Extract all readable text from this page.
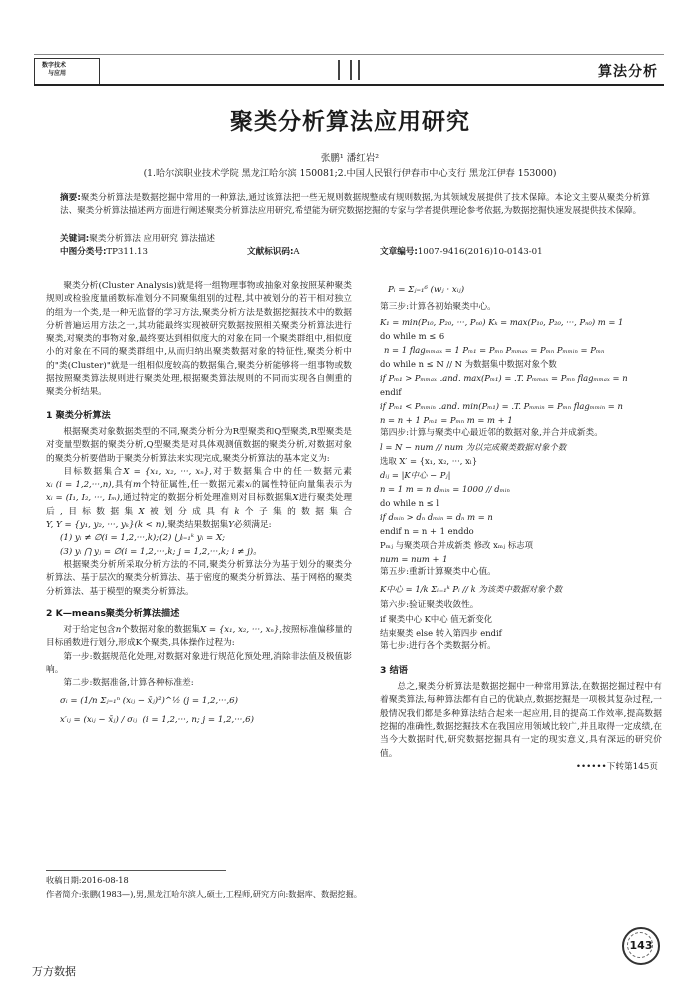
数字技术
与应用	算法分析
聚类分析算法应用研究
张鹏¹ 潘红岩²
(1.哈尔滨职业技术学院 黑龙江哈尔滨 150081;2.中国人民银行伊春市中心支行 黑龙江伊春 153000)
摘要:聚类分析算法是数据挖掘中常用的一种算法,通过该算法把一些无规则数据规整成有规则数据,为其领域发展提供了技术保障。本论文主要从聚类分析算法、聚类分析算法描述两方面进行阐述聚类分析算法应用研究,希望能为研究数据挖掘的专家与学者提供理论参考依据,为数据挖掘快速发展提供技术保障。
关键词:聚类分析算法 应用研究 算法描述
中图分类号:TP311.13	文献标识码:A	文章编号:1007-9416(2016)10-0143-01

聚类分析(Cluster Analysis)就是将一组物理事物或抽象对象按照某种聚类规则或检验度量函数标准划分不同聚集组别的过程,其中被划分的若干相对独立的组为一个类,是一种无监督的学习方法,聚类分析方法是数据挖掘技术中的数据分析普遍运用方法之一,其功能最终实现被研究数据按照相关聚类分析算法进行聚类,对聚类的事物对象,最终要达到相似度大的对象在同一个聚类群组中,相似度小的对象在不同的聚类群组中,从而归纳出聚类数据对象的特征性,聚类分析中的"类(Cluster)"就是一组相似度较高的数据集合,聚类分析能够将一组事物或数据按照聚类算法规则进行聚类处理,根据聚类算法规则的不同而实现各自侧重的聚类分析结果。

1 聚类分析算法

根据聚类对象数据类型的不同,聚类分析分为R型聚类和Q型聚类,R型聚类是对变量型数据的聚类分析,Q型聚类是对具体观测值数据的聚类分析,对数据对象的聚类分析要借助于聚类分析算法来实现完成,聚类分析算法的基本定义为:

目标数据集合X = {x₁, x₂, ···, xₙ},对于数据集合中的任一数据元素xᵢ (i = 1,2,···,n),具有m个特征属性,任一数据元素xᵢ的属性特征向量集表示为xᵢ = (I₁, I₂, ···, Iₘ),通过特定的数据分析处理准则对目标数据集X进行聚类处理后,目标数据集X被划分成具有k个子集的数据集合Y, Y = {y₁, y₂, ···, yₖ}(k < n),聚类结果数据集Y必须满足:

(1) yᵢ ≠ ∅(i = 1,2,···,k);(2) ⋃ᵢ₌₁ᵏ yᵢ = X;

(3) yᵢ ⋂ yⱼ = ∅(i = 1,2,···,k; j = 1,2,···,k; i ≠ j)。

根据聚类分析所采取分析方法的不同,聚类分析算法分为基于划分的聚类分析算法、基于层次的聚类分析算法、基于密度的聚类分析算法、基于网格的聚类分析算法、基于模型的聚类分析算法。

2 K—means聚类分析算法描述

对于给定包含n个数据对象的数据集X = {x₁, x₂, ···, xₙ},按照标准偏移量的目标函数进行划分,形成K个聚类,具体操作过程为:

第一步:数据规范化处理,对数据对象进行规范化预处理,消除非法值及极值影响。

第二步:数据准备,计算各种标准差:

σᵢ = (1/n Σⱼ₌₁ⁿ (xᵢⱼ − x̄ⱼ)²)^½ (j = 1,2,···,6)

x′ᵢⱼ = (xᵢⱼ − x̄ⱼ) / σᵢⱼ (i = 1,2,···, n; j = 1,2,···,6)

Pᵢ = Σⱼ₌₁⁶ (wⱼ · xᵢⱼ)

第三步:计算各初始聚类中心。

K₁ = min(P₁₀, P₂₀, ···, Pₙ₀) Kₖ = max(P₁₀, P₂₀, ···, Pₙ₀) m = 1
do while m ≤ 6
n = 1 flagₘₘₐₓ = 1 Pₘ₁ = Pₘₙ Pₘₘₐₓ = Pₘₙ Pₘₘᵢₙ = Pₘₙ
do while n ≤ N // N 为数据集中数据对象个数
if Pₘ₁ > Pₘₘₐₓ .and. max(Pₘ₁) = .T. Pₘₘₐₓ = Pₘₙ flagₘₘₐₓ = n
endif
if Pₘ₁ < Pₘₘᵢₙ .and. min(Pₘ₁) = .T. Pₘₘᵢₙ = Pₘₙ flagₘₘᵢₙ = n
n = n + 1 Pₘ₁ = Pₘₙ m = m + 1

第四步:计算与聚类中心最近邻的数据对象,并合并成新类。

l = N − num // num 为以完成聚类数据对象个数
选取 X′ = {x₁, x₂, ···, xₗ}
dᵢⱼ = |K中心 − Pⱼ|
n = 1 m = n dₘᵢₙ = 1000 // dₘᵢₙ
do while n ≤ l
if dₘᵢₙ > dₙ dₘᵢₙ = dₙ m = n
endif n = n + 1 enddo
Pₘⱼ 与聚类项合并成新类 修改 xₘⱼ 标志项
num = num + 1

第五步:重新计算聚类中心值。

K中心 = 1/k Σᵢ₌₁ᵏ Pᵢ // k 为该类中数据对象个数

第六步:验证聚类收敛性。

if 聚类中心 K中心 值无新变化
结束聚类 else 转入第四步 endif

第七步:进行各个类数据分析。

3 结语

总之,聚类分析算法是数据挖掘中一种常用算法,在数据挖掘过程中有着聚类算法,每种算法都有自己的优缺点,数据挖掘是一项极其复杂过程,一般情况我们都是多种算法结合起来一起应用,目的提高工作效率,提高数据挖掘的准确性,数据挖掘技术在我国应用领域比较广,并且取得一定成绩,在当今大数据时代,研究数据挖掘具有一定的现实意义,具有深远的研究价值。

••••••下转第145页

收稿日期:2016-08-18
作者简介:张鹏(1983—),男,黑龙江哈尔滨人,硕士,工程师,研究方向:数据库、数据挖掘。
143
万方数据
